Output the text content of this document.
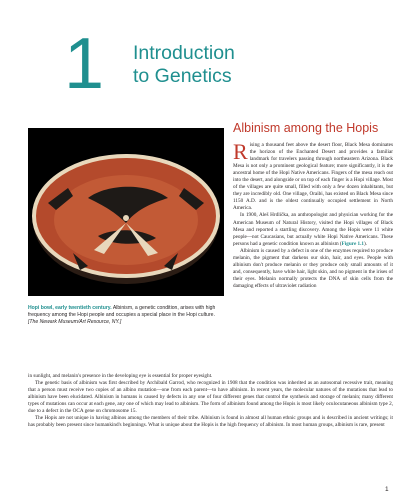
1 Introduction
to Genetics
Hopi bowl, early twentieth century. Albinism, a genetic condition, arises with high frequency among the Hopi people and occupies a special place in the Hopi culture. [The Newark Museum/Art Resource, NY.]
Albinism among the Hopis

Rising a thousand feet above the desert floor, Black Mesa dominates the horizon of the Enchanted Desert and provides a familiar landmark for travelers passing through northeastern Arizona. Black Mesa is not only a prominent geological feature; more significantly, it is the ancestral home of the Hopi Native Americans. Fingers of the mesa reach out into the desert, and alongside or on top of each finger is a Hopi village. Most of the villages are quite small, filled with only a few dozen inhabitants, but they are incredibly old. One village, Oraibi, has existed on Black Mesa since 1150 A.D. and is the oldest continually occupied settlement in North America.

In 1900, Aleš Hrdlička, an anthropologist and physician working for the American Museum of Natural History, visited the Hopi villages of Black Mesa and reported a startling discovery. Among the Hopis were 11 white people—not Caucasians, but actually white Hopi Native Americans. These persons had a genetic condition known as albinism (Figure 1.1).

Albinism is caused by a defect in one of the enzymes required to produce melanin, the pigment that darkens our skin, hair, and eyes. People with albinism don't produce melanin or they produce only small amounts of it and, consequently, have white hair, light skin, and no pigment in the irises of their eyes. Melanin normally protects the DNA of skin cells from the damaging effects of ultraviolet radiation

in sunlight, and melanin's presence in the developing eye is essential for proper eyesight.

The genetic basis of albinism was first described by Archibald Garrod, who recognized in 1908 that the condition was inherited as an autosomal recessive trait, meaning that a person must receive two copies of an albino mutation—one from each parent—to have albinism. In recent years, the molecular natures of the mutations that lead to albinism have been elucidated. Albinism in humans is caused by defects in any one of four different genes that control the synthesis and storage of melanin; many different types of mutations can occur at each gene, any one of which may lead to albinism. The form of albinism found among the Hopis is most likely oculocutaneous albinism type 2, due to a defect in the OCA gene on chromosome 15.

The Hopis are not unique in having albinos among the members of their tribe. Albinism is found in almost all human ethnic groups and is described in ancient writings; it has probably been present since humankind's beginnings. What is unique about the Hopis is the high frequency of albinism. In most human groups, albinism is rare, present

1
